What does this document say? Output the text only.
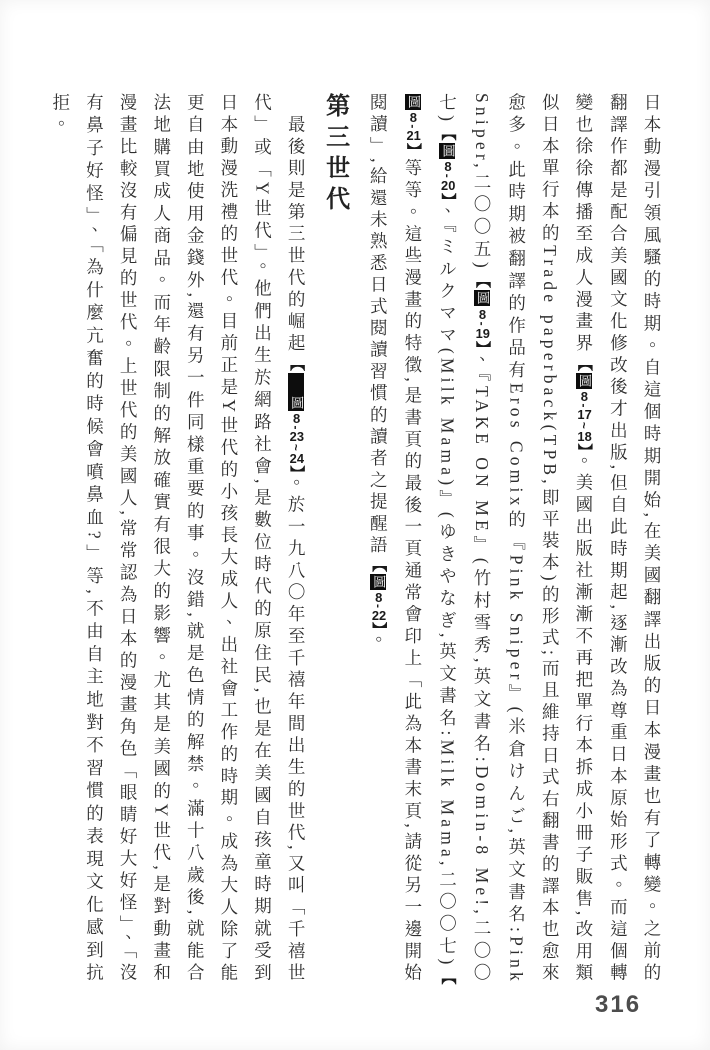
日本動漫引領風騷的時期。自這個時期開始,在美國翻譯出版的日本漫畫也有了轉變。之前的翻譯作都是配合美國文化修改後才出版,但自此時期起,逐漸改為尊重日本原始形式。而這個轉變也徐徐傳播至成人漫畫界【圖8-17~18】。美國出版社漸漸不再把單行本拆成小冊子販售,改用類似日本單行本的Trade paperback(TPB,即平裝本)的形式;而且維持日式右翻書的譯本也愈來愈多。此時期被翻譯的作品有Eros Comix的『Pink Sniper』(米倉けんご,英文書名:Pink Sniper,二〇〇五)【圖8-19】、『TAKE ON ME』(竹村雪秀,英文書名:Domin-8 Me!,二〇〇七)【圖8-20】、『ミルクママ(Milk Mama)』(ゆきやなぎ,英文書名:Milk Mama,二〇〇七)【圖8-21】等等。這些漫畫的特徵,是書頁的最後一頁通常會印上「此為本書末頁,請從另一邊開始閱讀」,給還未熟悉日式閱讀習慣的讀者之提醒語【圖8-22】。

第三世代

最後則是第三世代的崛起【圖8-23~24】。於一九八〇年至千禧年間出生的世代,又叫「千禧世代」或「Y世代」。他們出生於網路社會,是數位時代的原住民,也是在美國自孩童時期就受到日本動漫洗禮的世代。目前正是Y世代的小孩長大成人、出社會工作的時期。成為大人除了能更自由地使用金錢外,還有另一件同樣重要的事。沒錯,就是色情的解禁。滿十八歲後,就能合法地購買成人商品。而年齡限制的解放確實有很大的影響。尤其是美國的Y世代,是對動畫和漫畫比較沒有偏見的世代。上世代的美國人,常常認為日本的漫畫角色「眼睛好大好怪」、「沒有鼻子好怪」、「為什麼亢奮的時候會噴鼻血?」等,不由自主地對不習慣的表現文化感到抗拒。

316
